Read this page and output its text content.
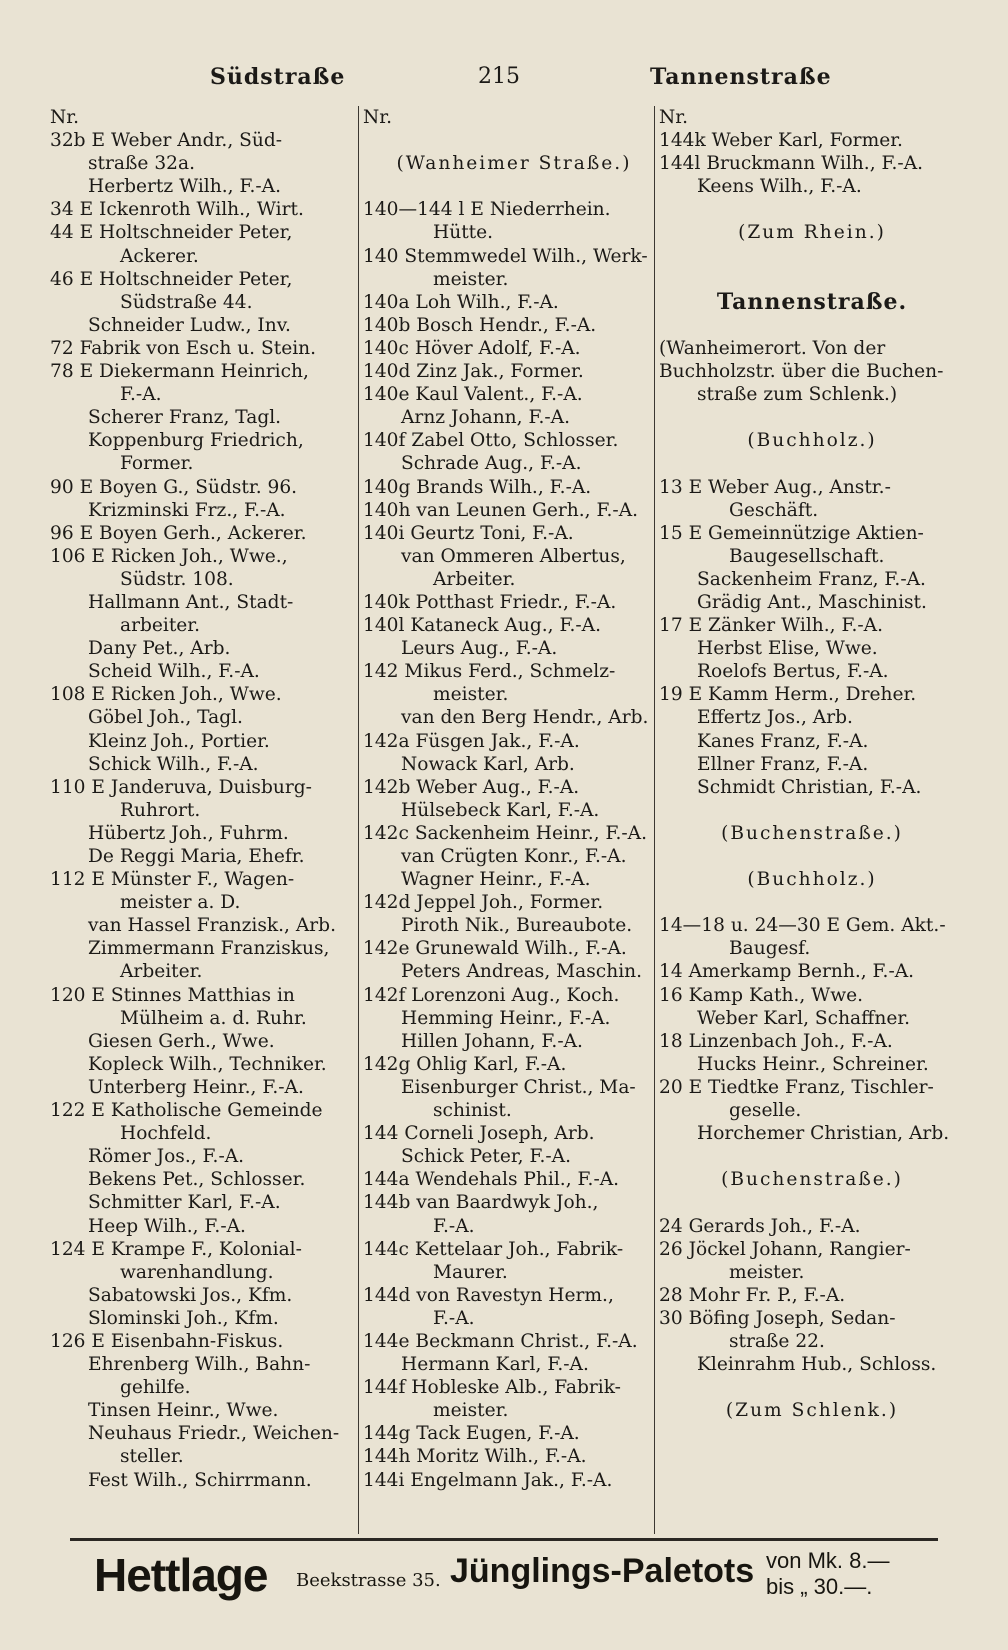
Südstraße	215	Tannenstraße
Nr.
32b E Weber Andr., Süd-
straße 32a.
Herbertz Wilh., F.-A.
34 E Ickenroth Wilh., Wirt.
44 E Holtschneider Peter,
Ackerer.
46 E Holtschneider Peter,
Südstraße 44.
Schneider Ludw., Inv.
72 Fabrik von Esch u. Stein.
78 E Diekermann Heinrich,
F.-A.
Scherer Franz, Tagl.
Koppenburg Friedrich,
Former.
90 E Boyen G., Südstr. 96.
Krizminski Frz., F.-A.
96 E Boyen Gerh., Ackerer.
106 E Ricken Joh., Wwe.,
Südstr. 108.
Hallmann Ant., Stadt-
arbeiter.
Dany Pet., Arb.
Scheid Wilh., F.-A.
108 E Ricken Joh., Wwe.
Göbel Joh., Tagl.
Kleinz Joh., Portier.
Schick Wilh., F.-A.
110 E Janderuva, Duisburg-
Ruhrort.
Hübertz Joh., Fuhrm.
De Reggi Maria, Ehefr.
112 E Münster F., Wagen-
meister a. D.
van Hassel Franzisk., Arb.
Zimmermann Franziskus,
Arbeiter.
120 E Stinnes Matthias in
Mülheim a. d. Ruhr.
Giesen Gerh., Wwe.
Kopleck Wilh., Techniker.
Unterberg Heinr., F.-A.
122 E Katholische Gemeinde
Hochfeld.
Römer Jos., F.-A.
Bekens Pet., Schlosser.
Schmitter Karl, F.-A.
Heep Wilh., F.-A.
124 E Krampe F., Kolonial-
warenhandlung.
Sabatowski Jos., Kfm.
Slominski Joh., Kfm.
126 E Eisenbahn-Fiskus.
Ehrenberg Wilh., Bahn-
gehilfe.
Tinsen Heinr., Wwe.
Neuhaus Friedr., Weichen-
steller.
Fest Wilh., Schirrmann.
Nr.
(Wanheimer Straße.)
140—144 l E Niederrhein.
Hütte.
140 Stemmwedel Wilh., Werk-
meister.
140a Loh Wilh., F.-A.
140b Bosch Hendr., F.-A.
140c Höver Adolf, F.-A.
140d Zinz Jak., Former.
140e Kaul Valent., F.-A.
Arnz Johann, F.-A.
140f Zabel Otto, Schlosser.
Schrade Aug., F.-A.
140g Brands Wilh., F.-A.
140h van Leunen Gerh., F.-A.
140i Geurtz Toni, F.-A.
van Ommeren Albertus,
Arbeiter.
140k Potthast Friedr., F.-A.
140l Kataneck Aug., F.-A.
Leurs Aug., F.-A.
142 Mikus Ferd., Schmelz-
meister.
van den Berg Hendr., Arb.
142a Füsgen Jak., F.-A.
Nowack Karl, Arb.
142b Weber Aug., F.-A.
Hülsebeck Karl, F.-A.
142c Sackenheim Heinr., F.-A.
van Crügten Konr., F.-A.
Wagner Heinr., F.-A.
142d Jeppel Joh., Former.
Piroth Nik., Bureaubote.
142e Grunewald Wilh., F.-A.
Peters Andreas, Maschin.
142f Lorenzoni Aug., Koch.
Hemming Heinr., F.-A.
Hillen Johann, F.-A.
142g Ohlig Karl, F.-A.
Eisenburger Christ., Ma-
schinist.
144 Corneli Joseph, Arb.
Schick Peter, F.-A.
144a Wendehals Phil., F.-A.
144b van Baardwyk Joh.,
F.-A.
144c Kettelaar Joh., Fabrik-
Maurer.
144d von Ravestyn Herm.,
F.-A.
144e Beckmann Christ., F.-A.
Hermann Karl, F.-A.
144f Hobleske Alb., Fabrik-
meister.
144g Tack Eugen, F.-A.
144h Moritz Wilh., F.-A.
144i Engelmann Jak., F.-A.
Nr.
144k Weber Karl, Former.
144l Bruckmann Wilh., F.-A.
Keens Wilh., F.-A.
(Zum Rhein.)
Tannenstraße.
(Wanheimerort. Von der
Buchholzstr. über die Buchen-
straße zum Schlenk.)
(Buchholz.)
13 E Weber Aug., Anstr.-
Geschäft.
15 E Gemeinnützige Aktien-
Baugesellschaft.
Sackenheim Franz, F.-A.
Grädig Ant., Maschinist.
17 E Zänker Wilh., F.-A.
Herbst Elise, Wwe.
Roelofs Bertus, F.-A.
19 E Kamm Herm., Dreher.
Effertz Jos., Arb.
Kanes Franz, F.-A.
Ellner Franz, F.-A.
Schmidt Christian, F.-A.
(Buchenstraße.)
(Buchholz.)
14—18 u. 24—30 E Gem. Akt.-
Baugesf.
14 Amerkamp Bernh., F.-A.
16 Kamp Kath., Wwe.
Weber Karl, Schaffner.
18 Linzenbach Joh., F.-A.
Hucks Heinr., Schreiner.
20 E Tiedtke Franz, Tischler-
geselle.
Horchemer Christian, Arb.
(Buchenstraße.)
24 Gerards Joh., F.-A.
26 Jöckel Johann, Rangier-
meister.
28 Mohr Fr. P., F.-A.
30 Böfing Joseph, Sedan-
straße 22.
Kleinrahm Hub., Schloss.
(Zum Schlenk.)
Hettlage Beekstrasse 35. Jünglings-Paletots von Mk. 8.—
bis „ 30.—.
